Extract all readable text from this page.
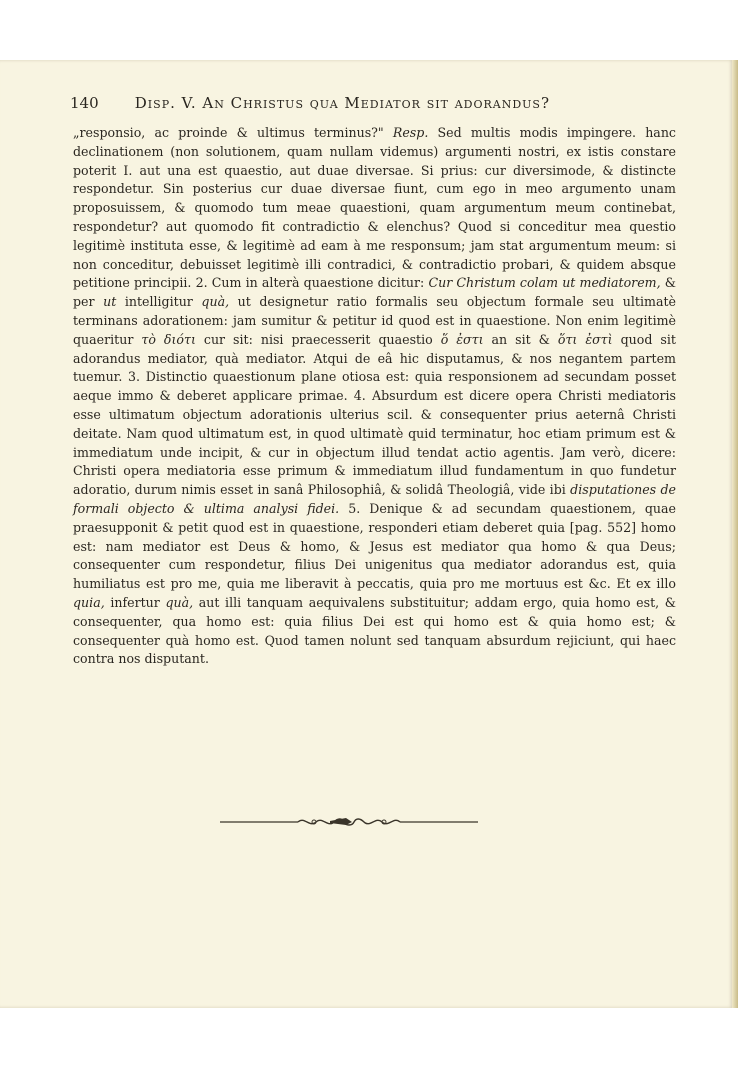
140 Disp. V. An Christus qua Mediator sit adorandus?
„responsio, ac proinde & ultimus terminus?" Resp. Sed multis modis impingere. hanc declinationem (non solutionem, quam nullam videmus) argumenti nostri, ex istis constare poterit I. aut una est quaestio, aut duae diversae. Si prius: cur diversimode, & distincte respondetur. Sin posterius cur duae diversae fiunt, cum ego in meo argumento unam proposuissem, & quomodo tum meae quaestioni, quam argumentum meum continebat, respondetur? aut quomodo fit contradictio & elenchus? Quod si conceditur mea questio legitimè instituta esse, & legitimè ad eam à me responsum; jam stat argumentum meum: si non conceditur, debuisset legitimè illi contradici, & contradictio probari, & quidem absque petitione principii. 2. Cum in alterà quaestione dicitur: Cur Christum colam ut mediatorem, & per ut intelligitur quà, ut designetur ratio formalis seu objectum formale seu ultimatè terminans adorationem: jam sumitur & petitur id quod est in quaestione. Non enim legitimè quaeritur τὸ διότι cur sit: nisi praecesserit quaestio ὅ ἐστι an sit & ὅτι ἐστὶ quod sit adorandus mediator, quà mediator. Atqui de eâ hic disputamus, & nos negantem partem tuemur. 3. Distinctio quaestionum plane otiosa est: quia responsionem ad secundam posset aeque immo & deberet applicare primae. 4. Absurdum est dicere opera Christi mediatoris esse ultimatum objectum adorationis ulterius scil. & consequenter prius aeternâ Christi deitate. Nam quod ultimatum est, in quod ultimatè quid terminatur, hoc etiam primum est & immediatum unde incipit, & cur in objectum illud tendat actio agentis. Jam verò, dicere: Christi opera mediatoria esse primum & immediatum illud fundamentum in quo fundetur adoratio, durum nimis esset in sanâ Philosophiâ, & solidâ Theologiâ, vide ibi disputationes de formali objecto & ultima analysi fidei. 5. Denique & ad secundam quaestionem, quae praesupponit & petit quod est in quaestione, responderi etiam deberet quia [pag. 552] homo est: nam mediator est Deus & homo, & Jesus est mediator qua homo & qua Deus; consequenter cum respondetur, filius Dei unigenitus qua mediator adorandus est, quia humiliatus est pro me, quia me liberavit à peccatis, quia pro me mortuus est &c. Et ex illo quia, infertur quà, aut illi tanquam aequivalens substituitur; addam ergo, quia homo est, & consequenter, qua homo est: quia filius Dei est qui homo est & quia homo est; & consequenter quà homo est. Quod tamen nolunt sed tanquam absurdum rejiciunt, qui haec contra nos disputant.
